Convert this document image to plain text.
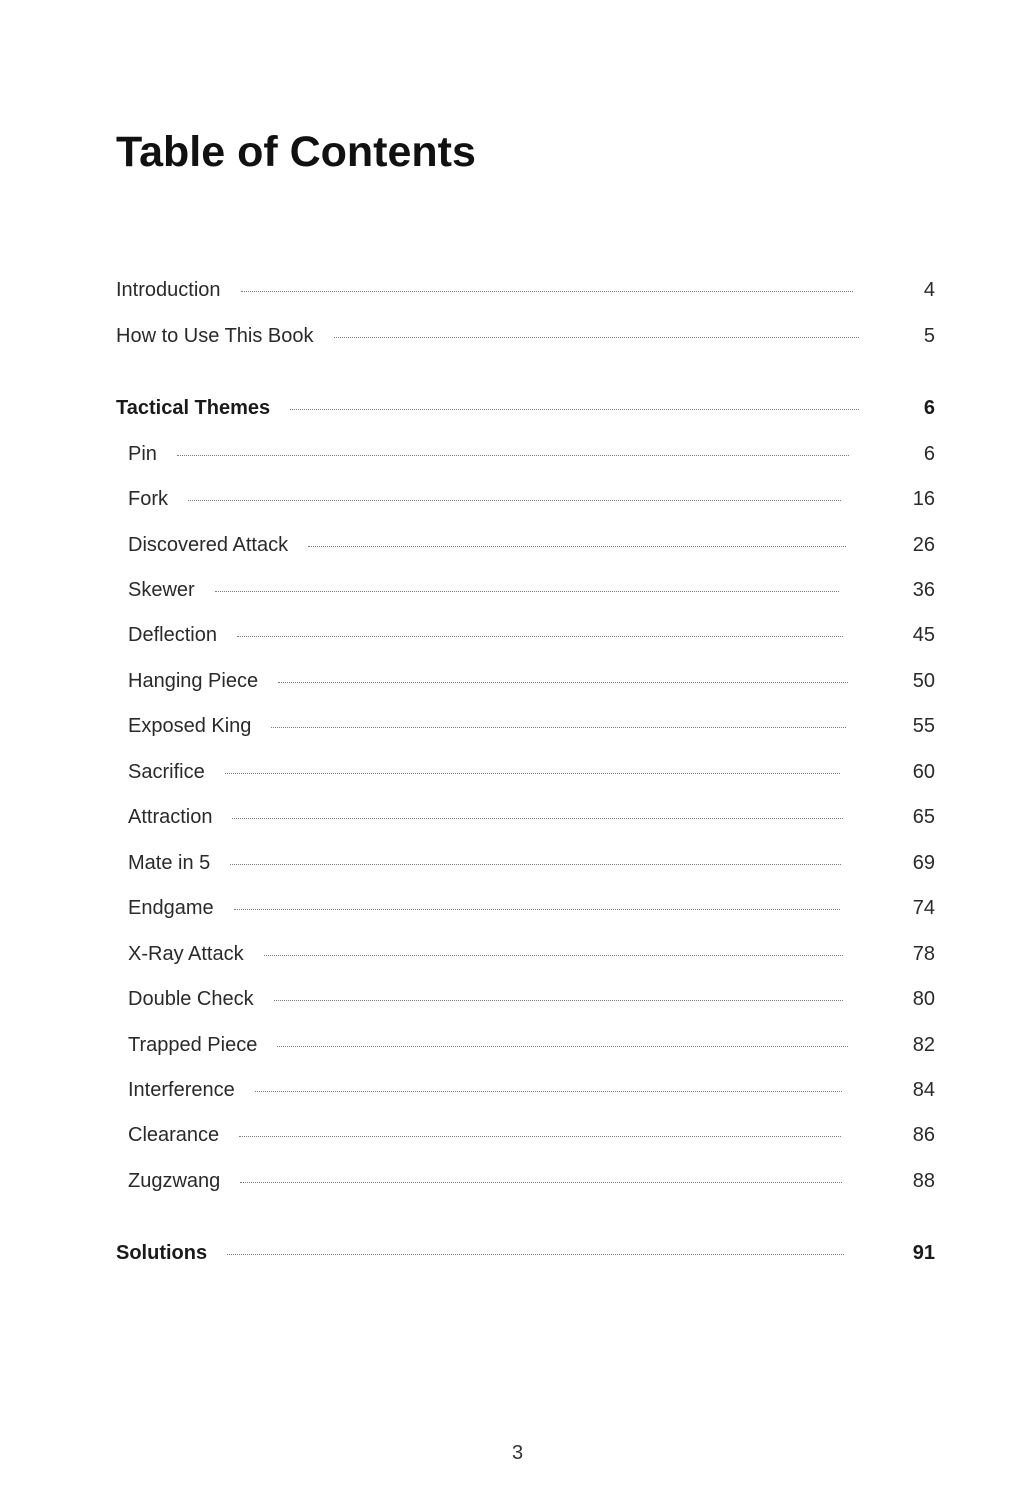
Table of Contents
Introduction	4
How to Use This Book	5
Tactical Themes	6
Pin	6
Fork	16
Discovered Attack	26
Skewer	36
Deflection	45
Hanging Piece	50
Exposed King	55
Sacrifice	60
Attraction	65
Mate in 5	69
Endgame	74
X-Ray Attack	78
Double Check	80
Trapped Piece	82
Interference	84
Clearance	86
Zugzwang	88
Solutions	91
3
